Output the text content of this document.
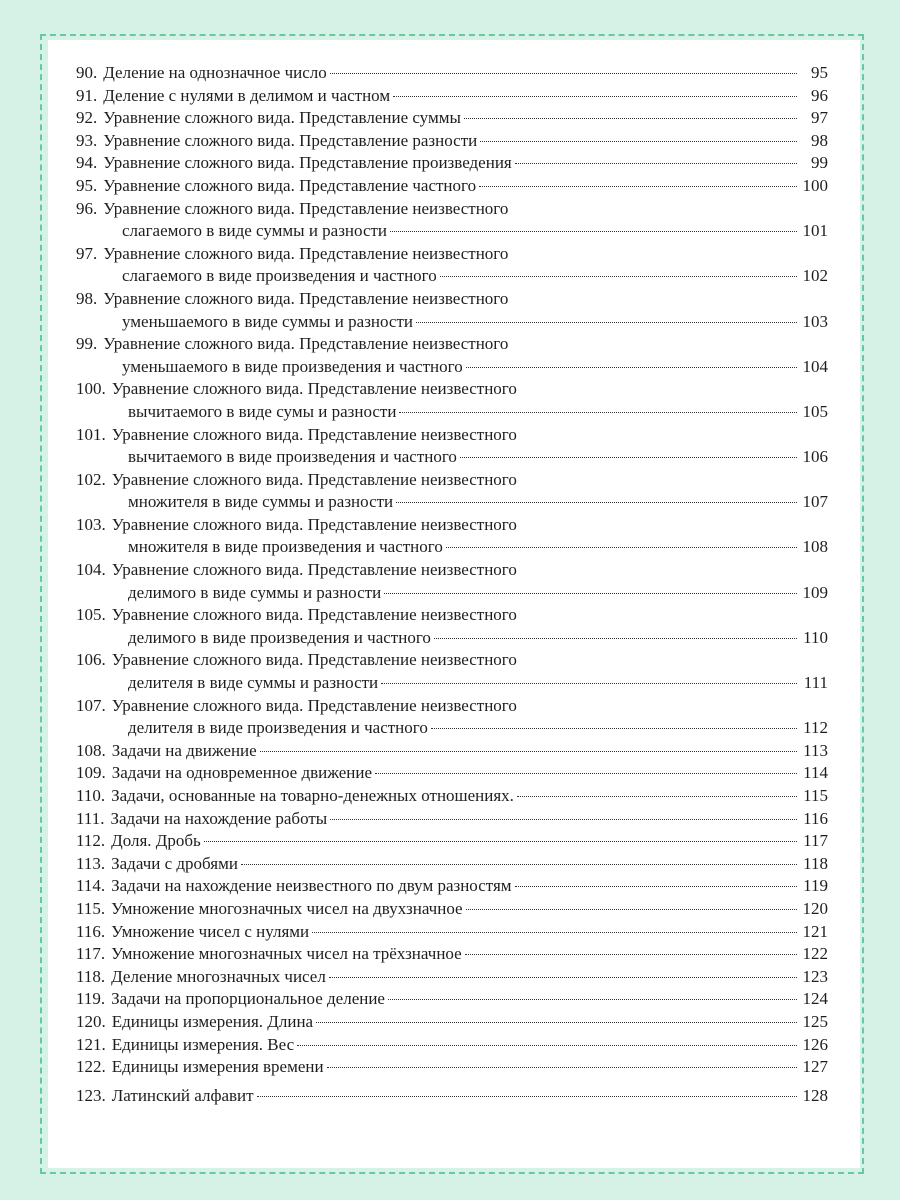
90. Деление на однозначное число	95
91. Деление с нулями в делимом и частном	96
92. Уравнение сложного вида. Представление суммы	97
93. Уравнение сложного вида. Представление разности	98
94. Уравнение сложного вида. Представление произведения	99
95. Уравнение сложного вида. Представление частного	100
96. Уравнение сложного вида. Представление неизвестного
слагаемого в виде суммы и разности	101
97. Уравнение сложного вида. Представление неизвестного
слагаемого в виде произведения и частного	102
98. Уравнение сложного вида. Представление неизвестного
уменьшаемого в виде суммы и разности	103
99. Уравнение сложного вида. Представление неизвестного
уменьшаемого в виде произведения и частного	104
100. Уравнение сложного вида. Представление неизвестного
вычитаемого в виде сумы и разности	105
101. Уравнение сложного вида. Представление неизвестного
вычитаемого в виде произведения и частного	106
102. Уравнение сложного вида. Представление неизвестного
множителя в виде суммы и разности	107
103. Уравнение сложного вида. Представление неизвестного
множителя в виде произведения и частного	108
104. Уравнение сложного вида. Представление неизвестного
делимого в виде суммы и разности	109
105. Уравнение сложного вида. Представление неизвестного
делимого в виде произведения и частного	110
106. Уравнение сложного вида. Представление неизвестного
делителя в виде суммы и разности	111
107. Уравнение сложного вида. Представление неизвестного
делителя в виде произведения и частного	112
108. Задачи на движение	113
109. Задачи на одновременное движение	114
110. Задачи, основанные на товарно-денежных отношениях.	115
111. Задачи на нахождение работы	116
112. Доля. Дробь	117
113. Задачи с дробями	118
114. Задачи на нахождение неизвестного по двум разностям	119
115. Умножение многозначных чисел на двухзначное	120
116. Умножение чисел с нулями	121
117. Умножение многозначных чисел на трёхзначное	122
118. Деление многозначных чисел	123
119. Задачи на пропорциональное деление	124
120. Единицы измерения. Длина	125
121. Единицы измерения. Вес	126
122. Единицы измерения времени	127
123. Латинский алфавит	128
